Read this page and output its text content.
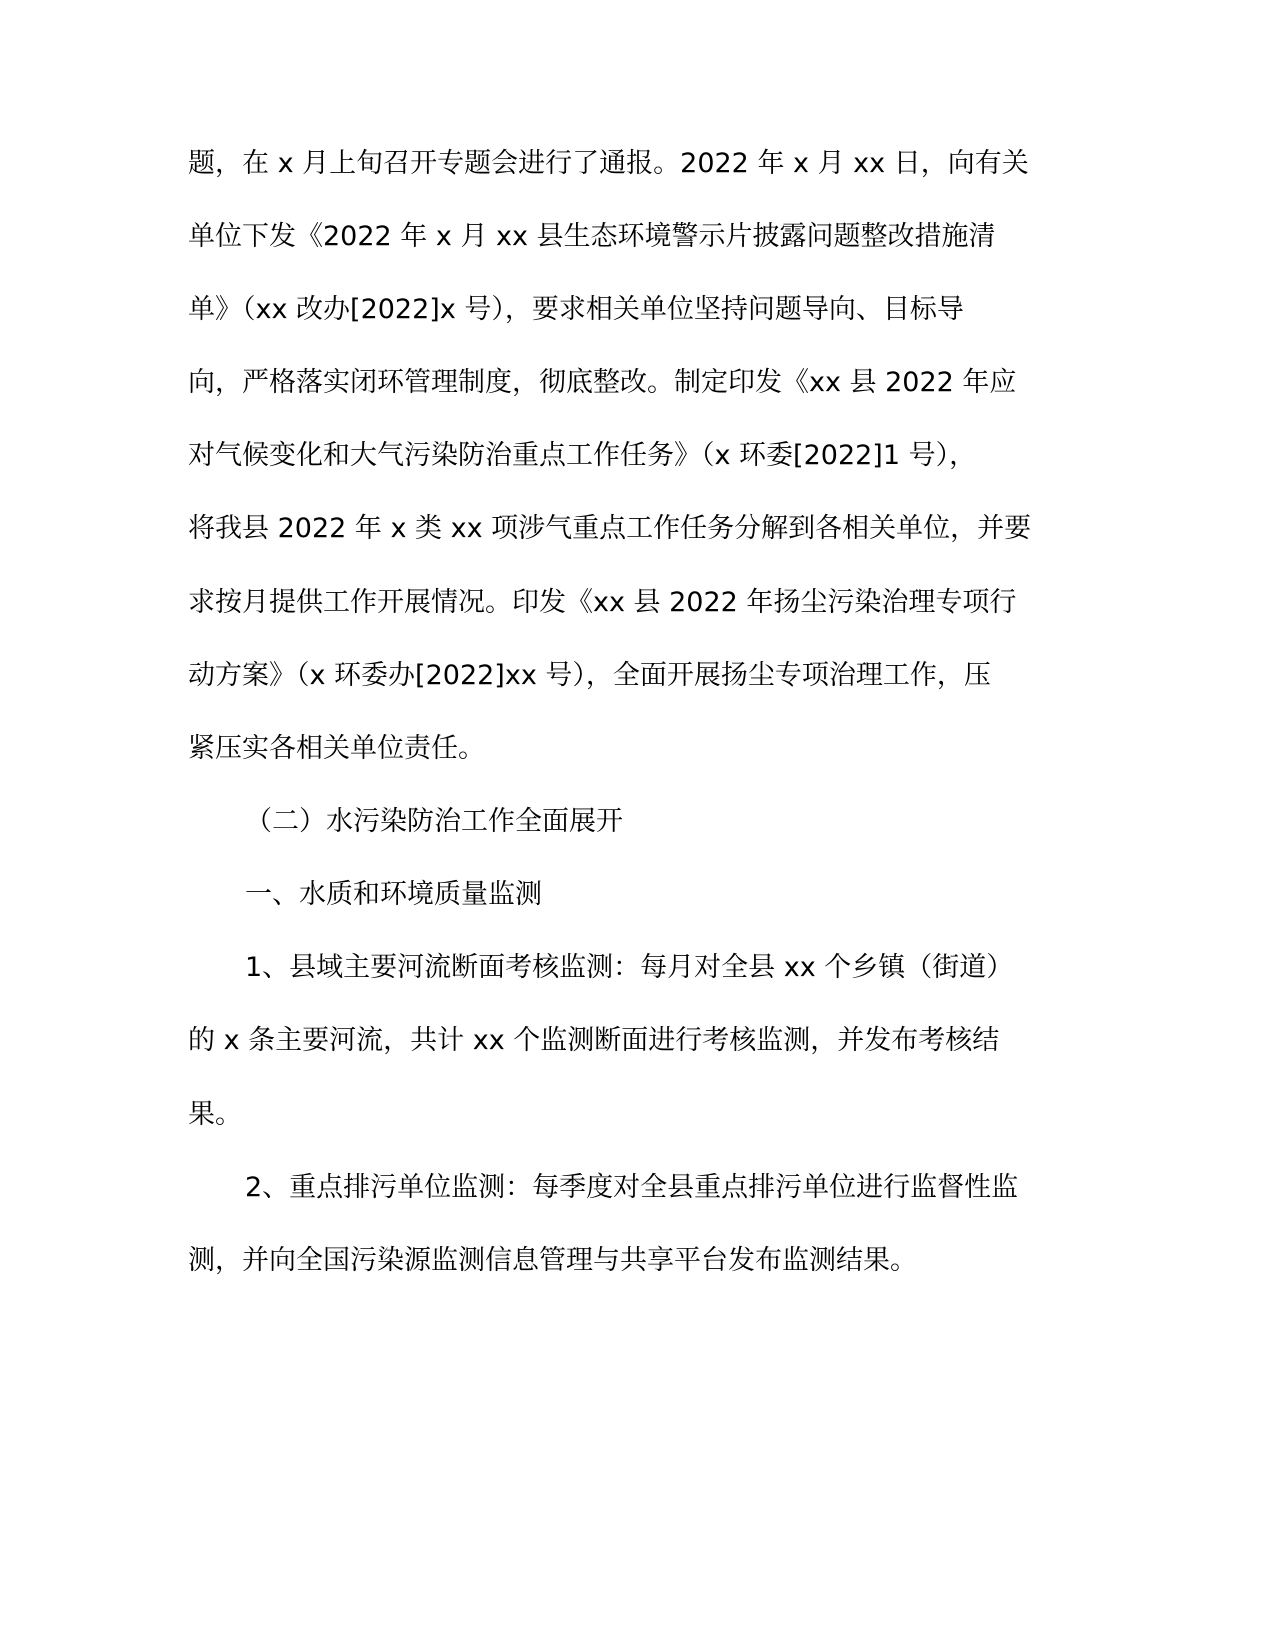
题，在 x 月上旬召开专题会进行了通报。2022 年 x 月 xx 日，向有关

单位下发《2022 年 x 月 xx 县生态环境警示片披露问题整改措施清

单》（xx 改办[2022]x 号），要求相关单位坚持问题导向、目标导

向，严格落实闭环管理制度，彻底整改。制定印发《xx 县 2022 年应

对气候变化和大气污染防治重点工作任务》（x 环委[2022]1 号），

将我县 2022 年 x 类 xx 项涉气重点工作任务分解到各相关单位，并要

求按月提供工作开展情况。印发《xx 县 2022 年扬尘污染治理专项行

动方案》（x 环委办[2022]xx 号），全面开展扬尘专项治理工作，压

紧压实各相关单位责任。

（二）水污染防治工作全面展开

一、水质和环境质量监测

1、县域主要河流断面考核监测：每月对全县 xx 个乡镇（街道）

的 x 条主要河流，共计 xx 个监测断面进行考核监测，并发布考核结

果。

2、重点排污单位监测：每季度对全县重点排污单位进行监督性监

测，并向全国污染源监测信息管理与共享平台发布监测结果。
